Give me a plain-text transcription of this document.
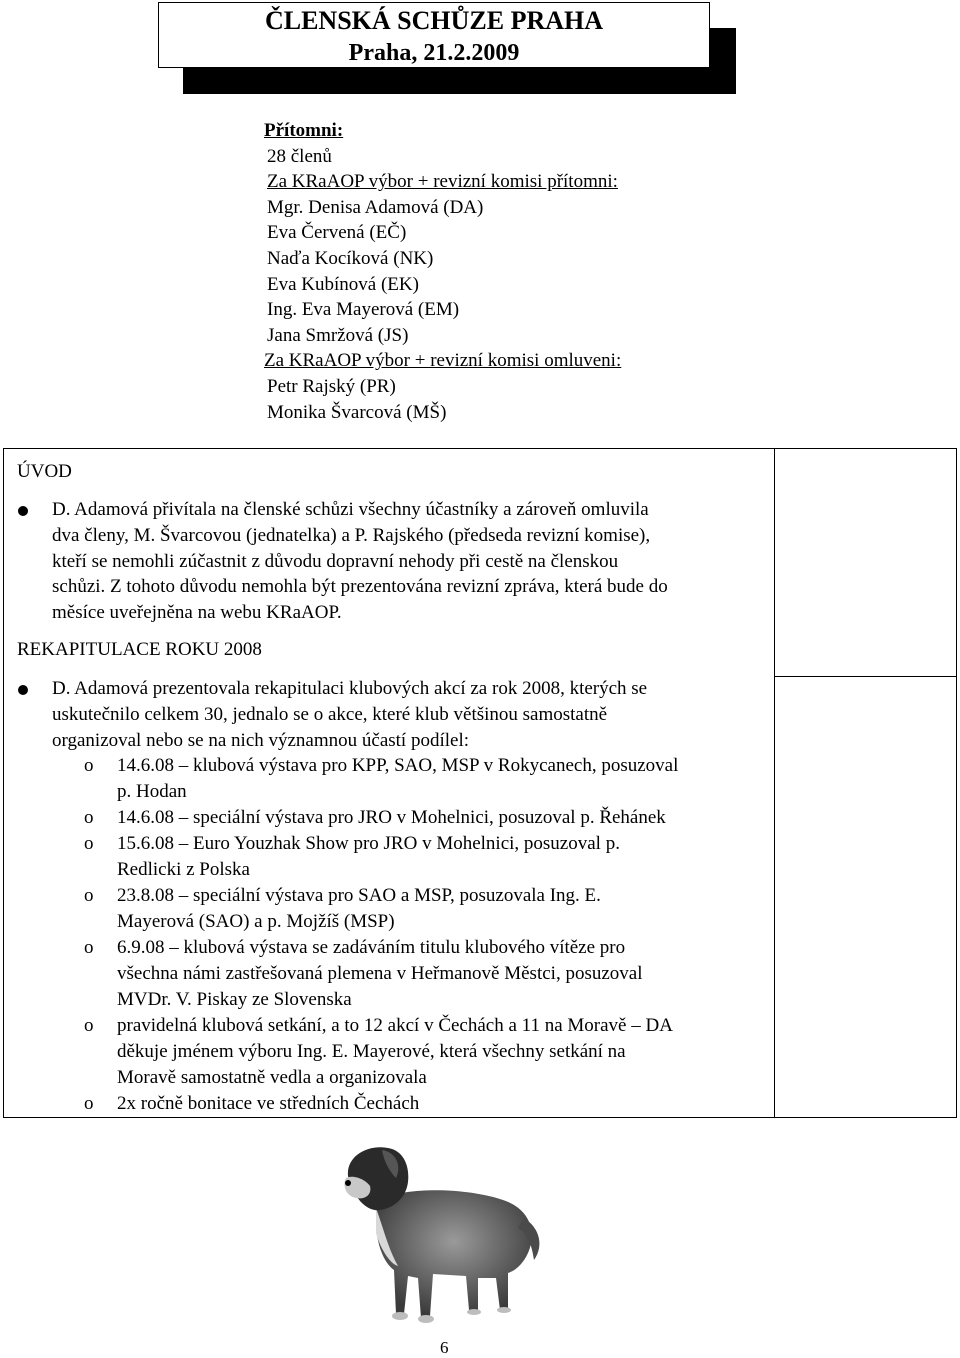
ČLENSKÁ SCHŮZE PRAHA
Praha, 21.2.2009
Přítomni:
28 členů
Za KRaAOP výbor + revizní komisi přítomni:
Mgr. Denisa Adamová (DA)
Eva Červená (EČ)
Naďa Kocíková (NK)
Eva Kubínová (EK)
Ing. Eva Mayerová (EM)
Jana Smržová (JS)
Za KRaAOP výbor + revizní komisi omluveni:
Petr Rajský (PR)
Monika Švarcová (MŠ)
ÚVOD
D. Adamová přivítala na členské schůzi všechny účastníky a zároveň omluvila
dva členy, M. Švarcovou (jednatelka) a P. Rajského (předseda revizní komise),
kteří se nemohli zúčastnit z důvodu dopravní nehody při cestě na členskou
schůzi. Z tohoto důvodu nemohla být prezentována revizní zpráva, která bude do
měsíce uveřejněna na webu KRaAOP.
REKAPITULACE ROKU 2008
D. Adamová prezentovala rekapitulaci klubových akcí za rok 2008, kterých se
uskutečnilo celkem 30, jednalo se o akce, které klub většinou samostatně
organizoval nebo se na nich významnou účastí podílel:
o 14.6.08 – klubová výstava pro KPP, SAO, MSP v Rokycanech, posuzoval
p. Hodan
o 14.6.08 – speciální výstava pro JRO v Mohelnici, posuzoval p. Řehánek
o 15.6.08 – Euro Youzhak Show pro JRO v Mohelnici, posuzoval p.
Redlicki z Polska
o 23.8.08 – speciální výstava pro SAO a MSP, posuzovala Ing. E.
Mayerová (SAO) a p. Mojžíš (MSP)
o 6.9.08 – klubová výstava se zadáváním titulu klubového vítěze pro
všechna námi zastřešovaná plemena v Heřmanově Městci, posuzoval
MVDr. V. Piskay ze Slovenska
o pravidelná klubová setkání, a to 12 akcí v Čechách a 11 na Moravě – DA
děkuje jménem výboru Ing. E. Mayerové, která všechny setkání na
Moravě samostatně vedla a organizovala
o 2x ročně bonitace ve středních Čechách
6
